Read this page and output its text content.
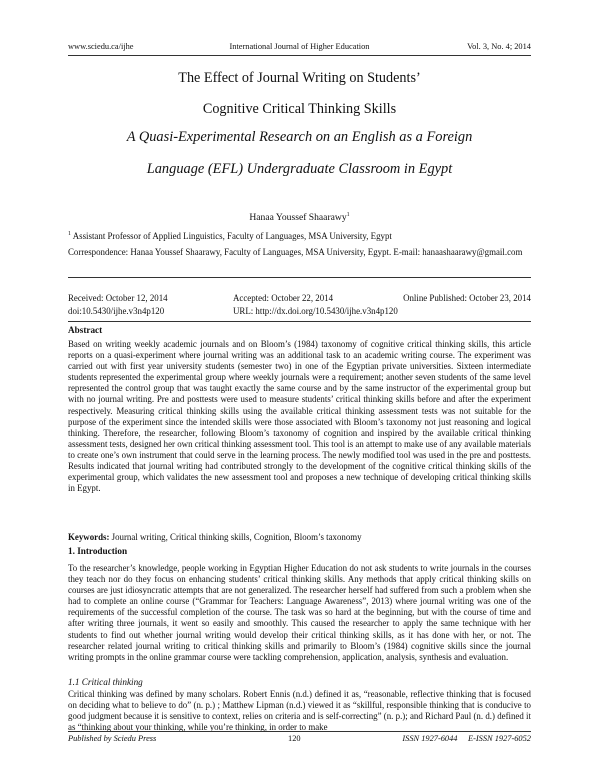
www.sciedu.ca/ijhe	International Journal of Higher Education	Vol. 3, No. 4; 2014
The Effect of Journal Writing on Students’
Cognitive Critical Thinking Skills
A Quasi-Experimental Research on an English as a Foreign
Language (EFL) Undergraduate Classroom in Egypt
Hanaa Youssef Shaarawy$^1$
$^1$ Assistant Professor of Applied Linguistics, Faculty of Languages, MSA University, Egypt
Correspondence: Hanaa Youssef Shaarawy, Faculty of Languages, MSA University, Egypt. E-mail: hanaashaarawy@gmail.com
Received: October 12, 2014	Accepted: October 22, 2014	Online Published: October 23, 2014
doi:10.5430/ijhe.v3n4p120	URL: http://dx.doi.org/10.5430/ijhe.v3n4p120
Abstract
Based on writing weekly academic journals and on Bloom’s (1984) taxonomy of cognitive critical thinking skills, this article reports on a quasi-experiment where journal writing was an additional task to an academic writing course. The experiment was carried out with first year university students (semester two) in one of the Egyptian private universities. Sixteen intermediate students represented the experimental group where weekly journals were a requirement; another seven students of the same level represented the control group that was taught exactly the same course and by the same instructor of the experimental group but with no journal writing. Pre and posttests were used to measure students’ critical thinking skills before and after the experiment respectively. Measuring critical thinking skills using the available critical thinking assessment tests was not suitable for the purpose of the experiment since the intended skills were those associated with Bloom’s taxonomy not just reasoning and logical thinking. Therefore, the researcher, following Bloom’s taxonomy of cognition and inspired by the available critical thinking assessment tests, designed her own critical thinking assessment tool. This tool is an attempt to make use of any available materials to create one’s own instrument that could serve in the learning process. The newly modified tool was used in the pre and posttests. Results indicated that journal writing had contributed strongly to the development of the cognitive critical thinking skills of the experimental group, which validates the new assessment tool and proposes a new technique of developing critical thinking skills in Egypt.
Keywords: Journal writing, Critical thinking skills, Cognition, Bloom’s taxonomy
1. Introduction
To the researcher’s knowledge, people working in Egyptian Higher Education do not ask students to write journals in the courses they teach nor do they focus on enhancing students’ critical thinking skills. Any methods that apply critical thinking skills on courses are just idiosyncratic attempts that are not generalized. The researcher herself had suffered from such a problem when she had to complete an online course (“Grammar for Teachers: Language Awareness”, 2013) where journal writing was one of the requirements of the successful completion of the course. The task was so hard at the beginning, but with the course of time and after writing three journals, it went so easily and smoothly. This caused the researcher to apply the same technique with her students to find out whether journal writing would develop their critical thinking skills, as it has done with her, or not. The researcher related journal writing to critical thinking skills and primarily to Bloom’s (1984) cognitive skills since the journal writing prompts in the online grammar course were tackling comprehension, application, analysis, synthesis and evaluation.
1.1 Critical thinking
Critical thinking was defined by many scholars. Robert Ennis (n.d.) defined it as, “reasonable, reflective thinking that is focused on deciding what to believe to do” (n. p.) ; Matthew Lipman (n.d.) viewed it as “skillful, responsible thinking that is conducive to good judgment because it is sensitive to context, relies on criteria and is self-correcting” (n. p.); and Richard Paul (n. d.) defined it as “thinking about your thinking, while you’re thinking, in order to make
Published by Sciedu Press	120	ISSN 1927-6044     E-ISSN 1927-6052
